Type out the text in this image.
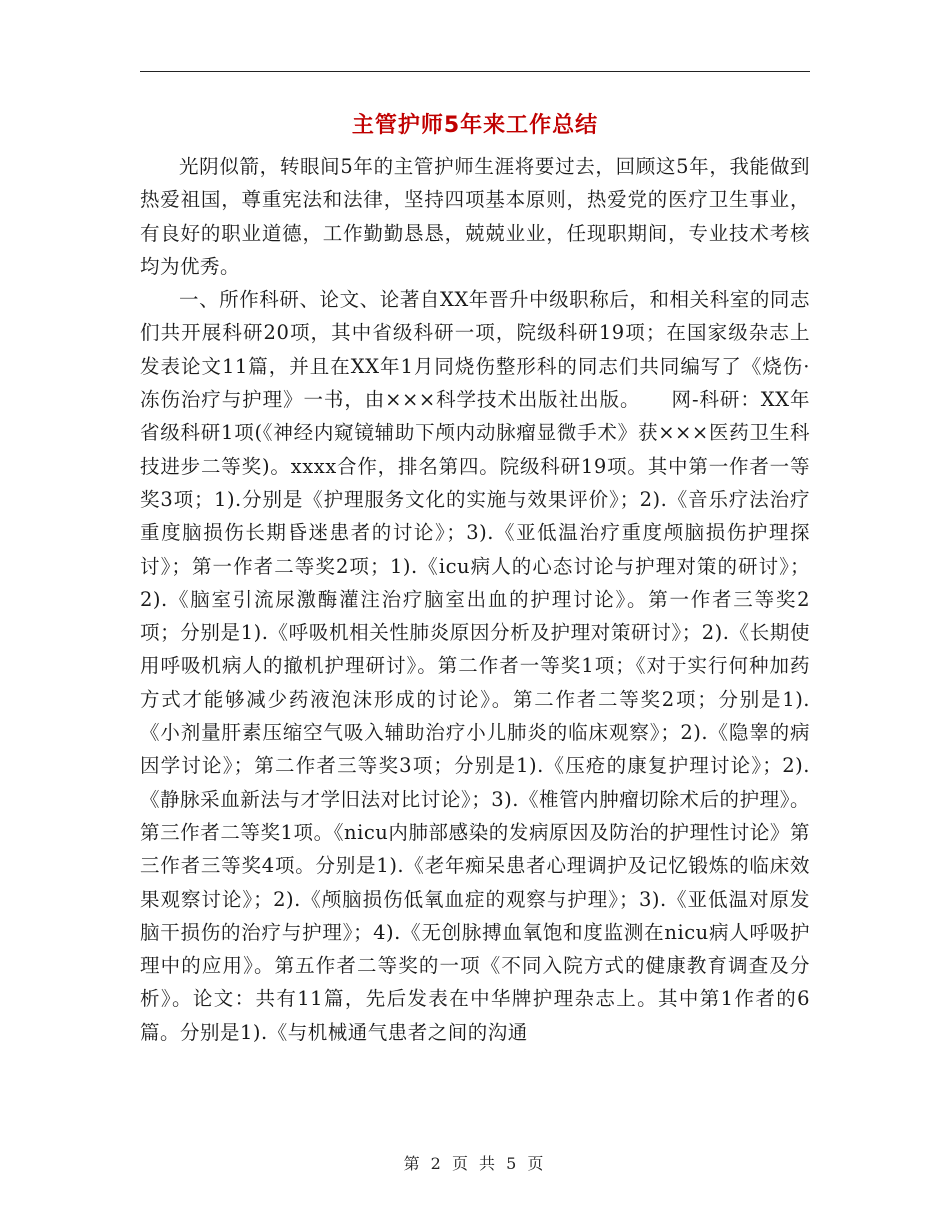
主管护师5年来工作总结

光阴似箭，转眼间5年的主管护师生涯将要过去，回顾这5年，我能做到热爱祖国，尊重宪法和法律，坚持四项基本原则，热爱党的医疗卫生事业，有良好的职业道德，工作勤勤恳恳，兢兢业业，任现职期间，专业技术考核均为优秀。

一、所作科研、论文、论著自XX年晋升中级职称后，和相关科室的同志们共开展科研20项，其中省级科研一项，院级科研19项；在国家级杂志上发表论文11篇，并且在XX年1月同烧伤整形科的同志们共同编写了《烧伤·冻伤治疗与护理》一书，由×××科学技术出版社出版。　　网-科研：XX年省级科研1项(《神经内窥镜辅助下颅内动脉瘤显微手术》获×××医药卫生科技进步二等奖)。xxxx合作，排名第四。院级科研19项。其中第一作者一等奖3项；1).分别是《护理服务文化的实施与效果评价》；2).《音乐疗法治疗重度脑损伤长期昏迷患者的讨论》；3).《亚低温治疗重度颅脑损伤护理探讨》；第一作者二等奖2项；1).《icu病人的心态讨论与护理对策的研讨》；2).《脑室引流尿激酶灌注治疗脑室出血的护理讨论》。第一作者三等奖2项；分别是1).《呼吸机相关性肺炎原因分析及护理对策研讨》；2).《长期使用呼吸机病人的撤机护理研讨》。第二作者一等奖1项；《对于实行何种加药方式才能够减少药液泡沫形成的讨论》。第二作者二等奖2项；分别是1).《小剂量肝素压缩空气吸入辅助治疗小儿肺炎的临床观察》；2).《隐睾的病因学讨论》；第二作者三等奖3项；分别是1).《压疮的康复护理讨论》；2).《静脉采血新法与才学旧法对比讨论》；3).《椎管内肿瘤切除术后的护理》。第三作者二等奖1项。《nicu内肺部感染的发病原因及防治的护理性讨论》第三作者三等奖4项。分别是1).《老年痴呆患者心理调护及记忆锻炼的临床效果观察讨论》；2).《颅脑损伤低氧血症的观察与护理》；3).《亚低温对原发脑干损伤的治疗与护理》；4).《无创脉搏血氧饱和度监测在nicu病人呼吸护理中的应用》。第五作者二等奖的一项《不同入院方式的健康教育调查及分析》。论文：共有11篇，先后发表在中华牌护理杂志上。其中第1作者的6篇。分别是1).《与机械通气患者之间的沟通

第 2 页 共 5 页
